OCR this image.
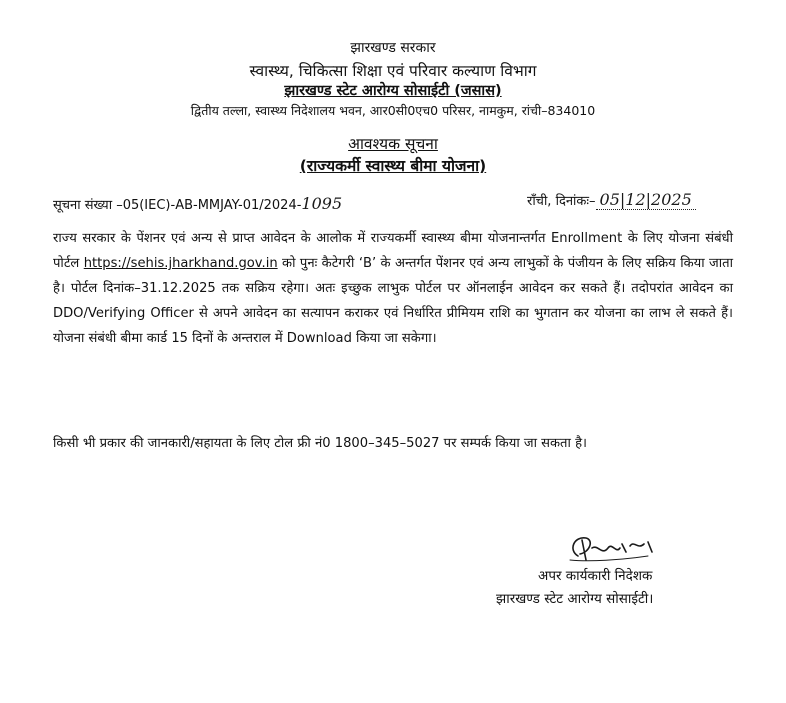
झारखण्ड सरकार
स्वास्थ्य, चिकित्सा शिक्षा एवं परिवार कल्याण विभाग
झारखण्ड स्टेट आरोग्य सोसाईटी (जसास)
द्वितीय तल्ला, स्वास्थ्य निदेशालय भवन, आर0सी0एच0 परिसर, नामकुम, रांची–834010
आवश्यक सूचना
(राज्यकर्मी स्वास्थ्य बीमा योजना)
सूचना संख्या –05(IEC)-AB-MMJAY-01/2024-1095	राँची, दिनांकः– 05|12|2025
राज्य सरकार के पेंशनर एवं अन्य से प्राप्त आवेदन के आलोक में राज्यकर्मी स्वास्थ्य बीमा योजनान्तर्गत Enrollment के लिए योजना संबंधी पोर्टल https://sehis.jharkhand.gov.in को पुनः कैटेगरी ‘B’ के अन्तर्गत पेंशनर एवं अन्य लाभुकों के पंजीयन के लिए सक्रिय किया जाता है। पोर्टल दिनांक–31.12.2025 तक सक्रिय रहेगा। अतः इच्छुक लाभुक पोर्टल पर ऑनलाईन आवेदन कर सकते हैं। तदोपरांत आवेदन का DDO/Verifying Officer से अपने आवेदन का सत्यापन कराकर एवं निर्धारित प्रीमियम राशि का भुगतान कर योजना का लाभ ले सकते हैं। योजना संबंधी बीमा कार्ड 15 दिनों के अन्तराल में Download किया जा सकेगा।
किसी भी प्रकार की जानकारी/सहायता के लिए टोल फ्री नं0 1800–345–5027 पर सम्पर्क किया जा सकता है।
अपर कार्यकारी निदेशक
झारखण्ड स्टेट आरोग्य सोसाईटी।
